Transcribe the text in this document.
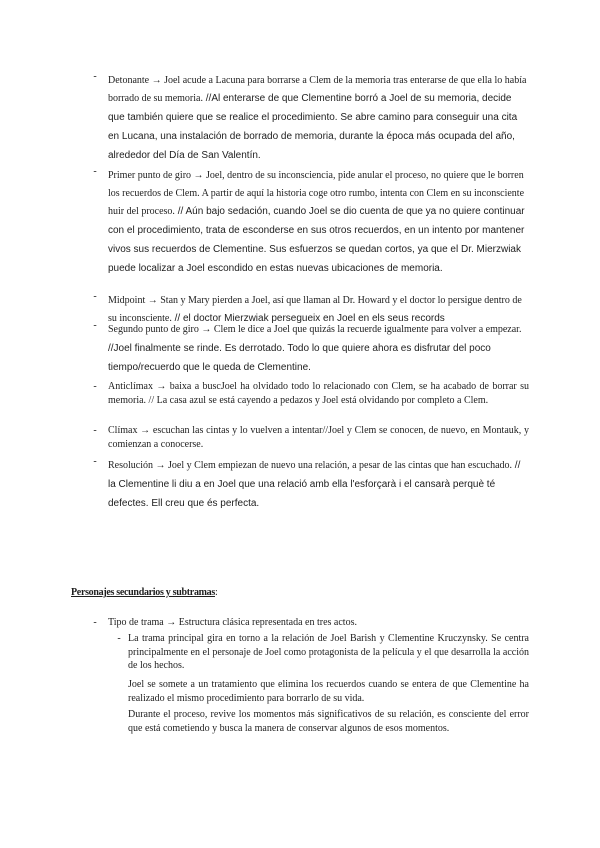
-	Detonante → Joel acude a Lacuna para borrarse a Clem de la memoria tras enterarse de que ella lo había borrado de su memoria. //Al enterarse de que Clementine borró a Joel de su memoria, decide que también quiere que se realice el procedimiento. Se abre camino para conseguir una cita en Lucana, una instalación de borrado de memoria, durante la época más ocupada del año, alrededor del Día de San Valentín.
-	Primer punto de giro → Joel, dentro de su inconsciencia, pide anular el proceso, no quiere que le borren los recuerdos de Clem. A partir de aquí la historia coge otro rumbo, intenta con Clem en su inconsciente huir del proceso. // Aún bajo sedación, cuando Joel se dio cuenta de que ya no quiere continuar con el procedimiento, trata de esconderse en sus otros recuerdos, en un intento por mantener vivos sus recuerdos de Clementine. Sus esfuerzos se quedan cortos, ya que el Dr. Mierzwiak puede localizar a Joel escondido en estas nuevas ubicaciones de memoria.
-	Midpoint → Stan y Mary pierden a Joel, así que llaman al Dr. Howard y el doctor lo persigue dentro de su inconsciente. // el doctor Mierzwiak persegueix en Joel en els seus records
-	Segundo punto de giro → Clem le dice a Joel que quizás la recuerde igualmente para volver a empezar. //Joel finalmente se rinde. Es derrotado. Todo lo que quiere ahora es disfrutar del poco tiempo/recuerdo que le queda de Clementine.
-	Anticlímax → baixa a buscJoel ha olvidado todo lo relacionado con Clem, se ha acabado de borrar su memoria. // La casa azul se está cayendo a pedazos y Joel está olvidando por completo a Clem.
-	Clímax → escuchan las cintas y lo vuelven a intentar//Joel y Clem se conocen, de nuevo, en Montauk, y comienzan a conocerse.
-	Resolución → Joel y Clem empiezan de nuevo una relación, a pesar de las cintas que han escuchado. // la Clementine li diu a en Joel que una relació amb ella l'esforçarà i el cansarà perquè té defectes. Ell creu que és perfecta.
Personajes secundarios y subtramas:
-	Tipo de trama → Estructura clásica representada en tres actos.
- La trama principal gira en torno a la relación de Joel Barish y Clementine Kruczynsky. Se centra principalmente en el personaje de Joel como protagonista de la película y el que desarrolla la acción de los hechos.
Joel se somete a un tratamiento que elimina los recuerdos cuando se entera de que Clementine ha realizado el mismo procedimiento para borrarlo de su vida.
Durante el proceso, revive los momentos más significativos de su relación, es consciente del error que está cometiendo y busca la manera de conservar algunos de esos momentos.
